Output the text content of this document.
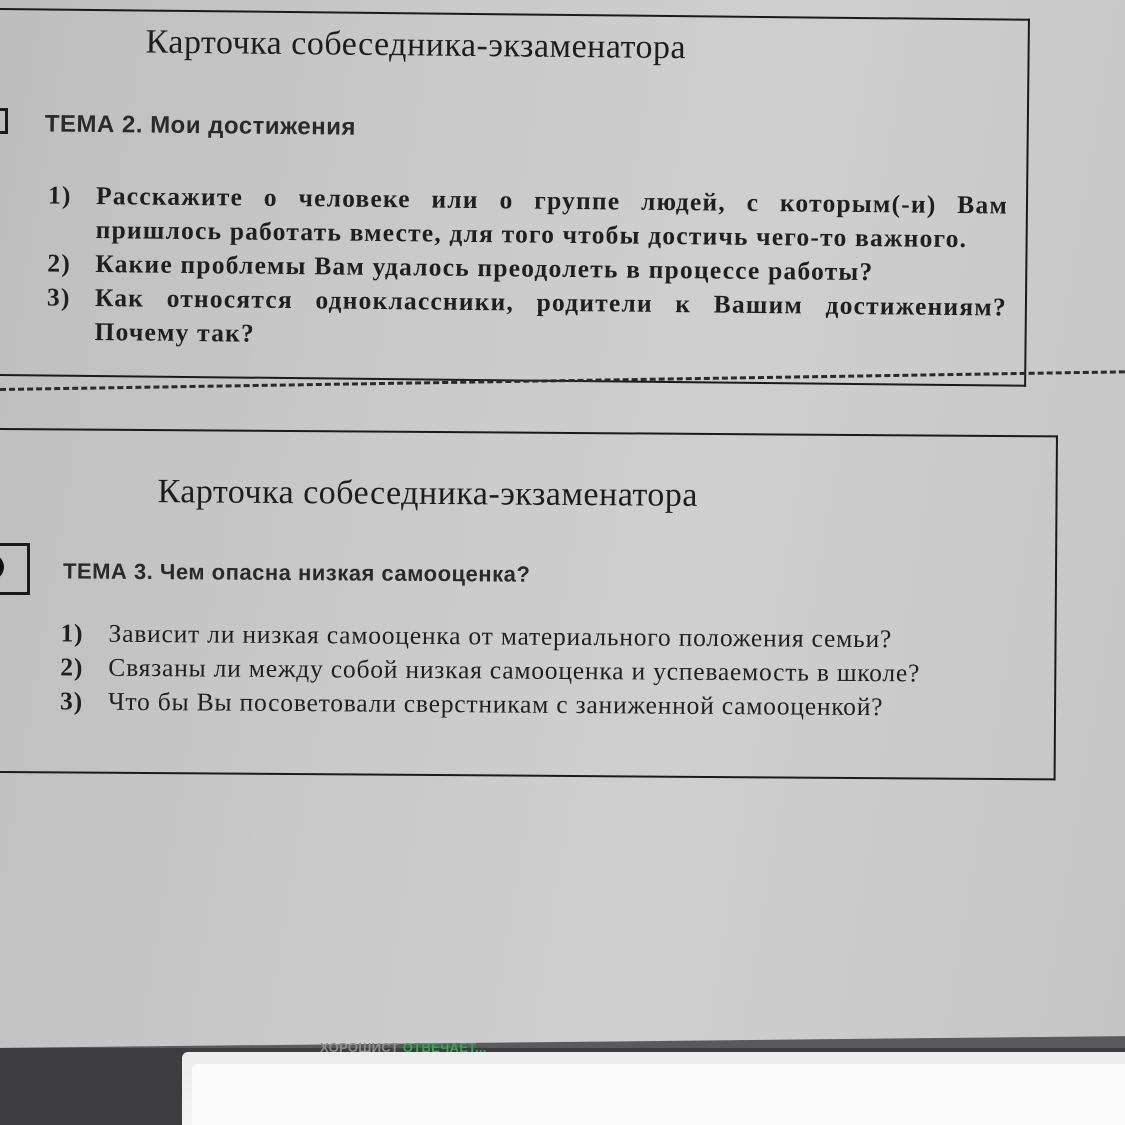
Карточка собеседника-экзаменатора
ТЕМА 2. Мои достижения
1) Расскажите о человеке или о группе людей, с которым(-и) Вам пришлось работать вместе, для того чтобы достичь чего-то важного.
2) Какие проблемы Вам удалось преодолеть в процессе работы?
3) Как относятся одноклассники, родители к Вашим достижениям? Почему так?
Карточка собеседника-экзаменатора
ТЕМА 3. Чем опасна низкая самооценка?
1) Зависит ли низкая самооценка от материального положения семьи?
2) Связаны ли между собой низкая самооценка и успеваемость в школе?
3) Что бы Вы посоветовали сверстникам с заниженной самооценкой?
ХОРОШИСТ ОТВЕЧАЕТ...
